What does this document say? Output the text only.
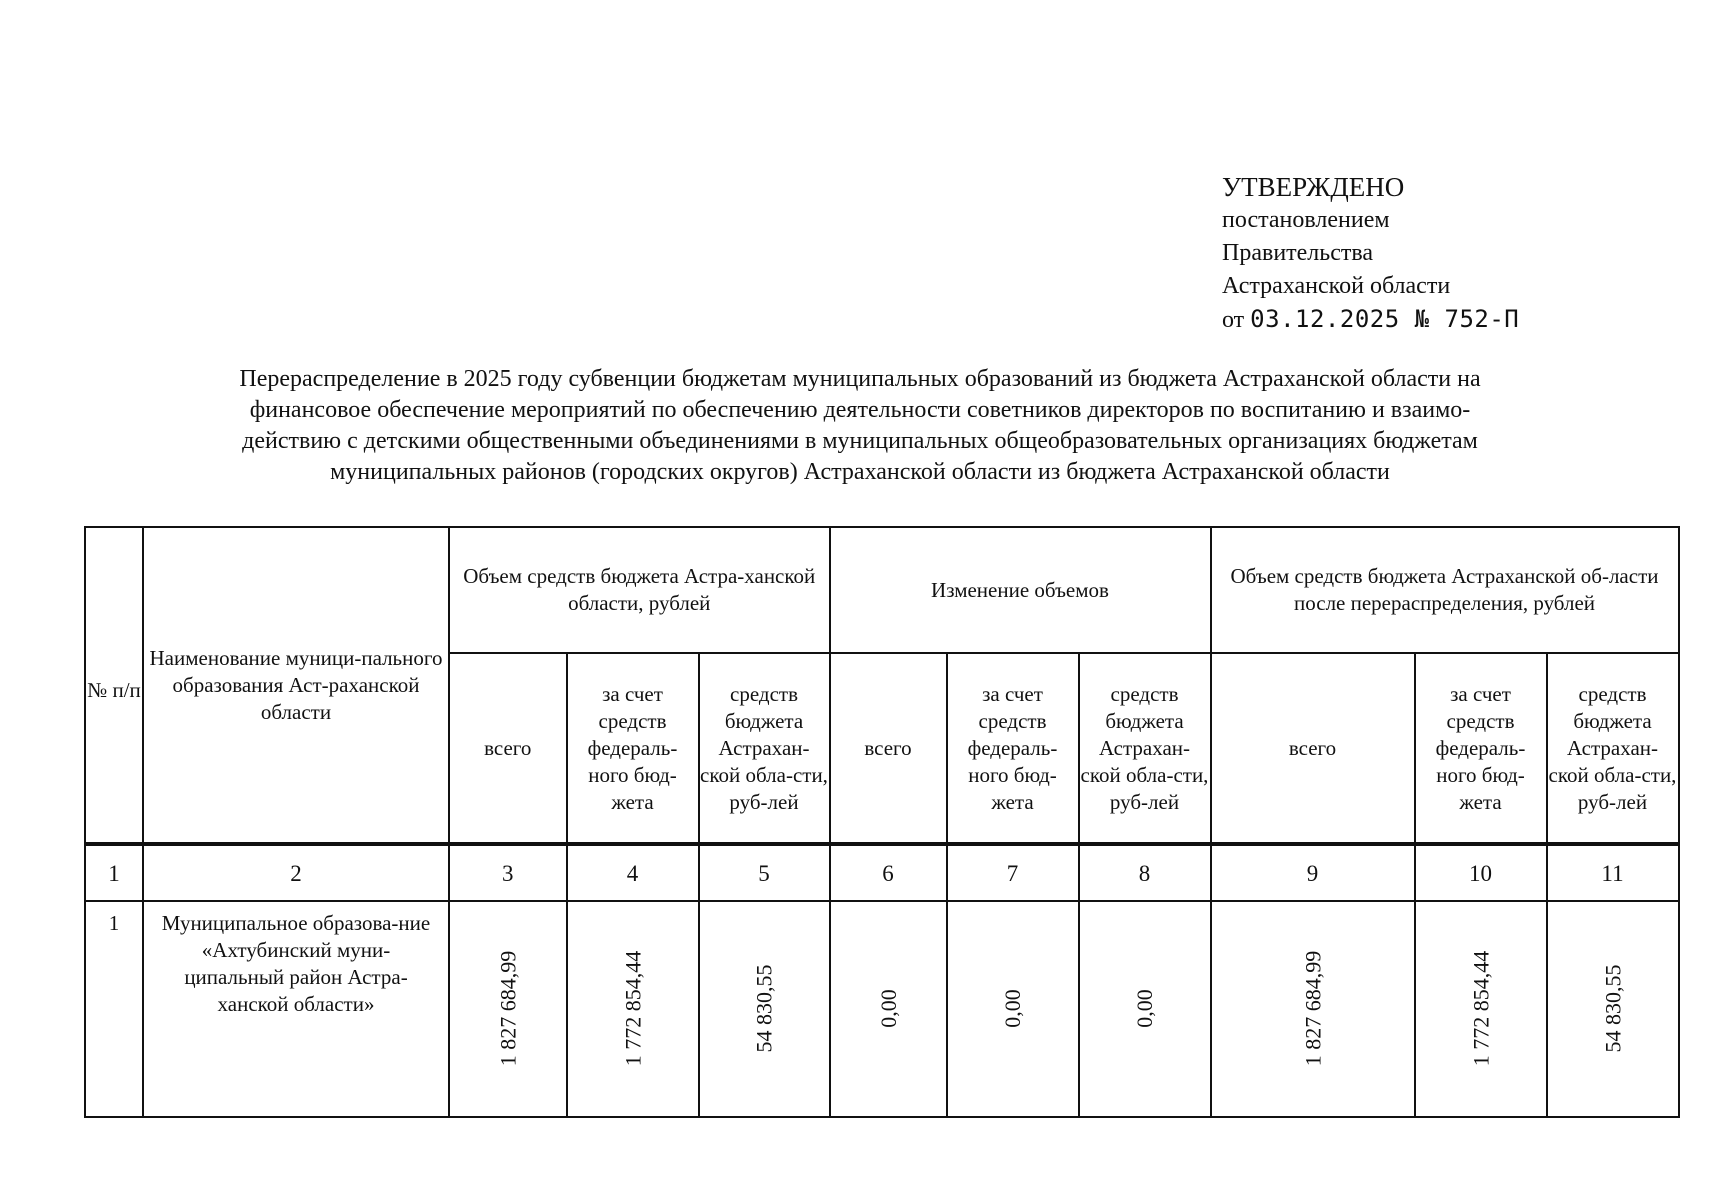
УТВЕРЖДЕНО
постановлением
Правительства
Астраханской области
от 03.12.2025 № 752-П
Перераспределение в 2025 году субвенции бюджетам муниципальных образований из бюджета Астраханской области на
финансовое обеспечение мероприятий по обеспечению деятельности советников директоров по воспитанию и взаимо-
действию с детскими общественными объединениями в муниципальных общеобразовательных организациях бюджетам
муниципальных районов (городских округов) Астраханской области из бюджета Астраханской области
№ п/п	Наименование муници-пального образования Аст-раханской области	Объем средств бюджета Астра-ханской области, рублей			Изменение объемов			Объем средств бюджета Астраханской об-ласти после перераспределения, рублей		
		всего	за счет средств федераль-ного бюд-жета	средств бюджета Астрахан-ской обла-сти, руб-лей	всего	за счет средств федераль-ного бюд-жета	средств бюджета Астрахан-ской обла-сти, руб-лей	всего	за счет средств федераль-ного бюд-жета	средств бюджета Астрахан-ской обла-сти, руб-лей
1	2	3	4	5	6	7	8	9	10	11
1	Муниципальное образова-ние «Ахтубинский муни-ципальный район Астра-ханской области»	1 827 684,99	1 772 854,44	54 830,55	0,00	0,00	0,00	1 827 684,99	1 772 854,44	54 830,55
